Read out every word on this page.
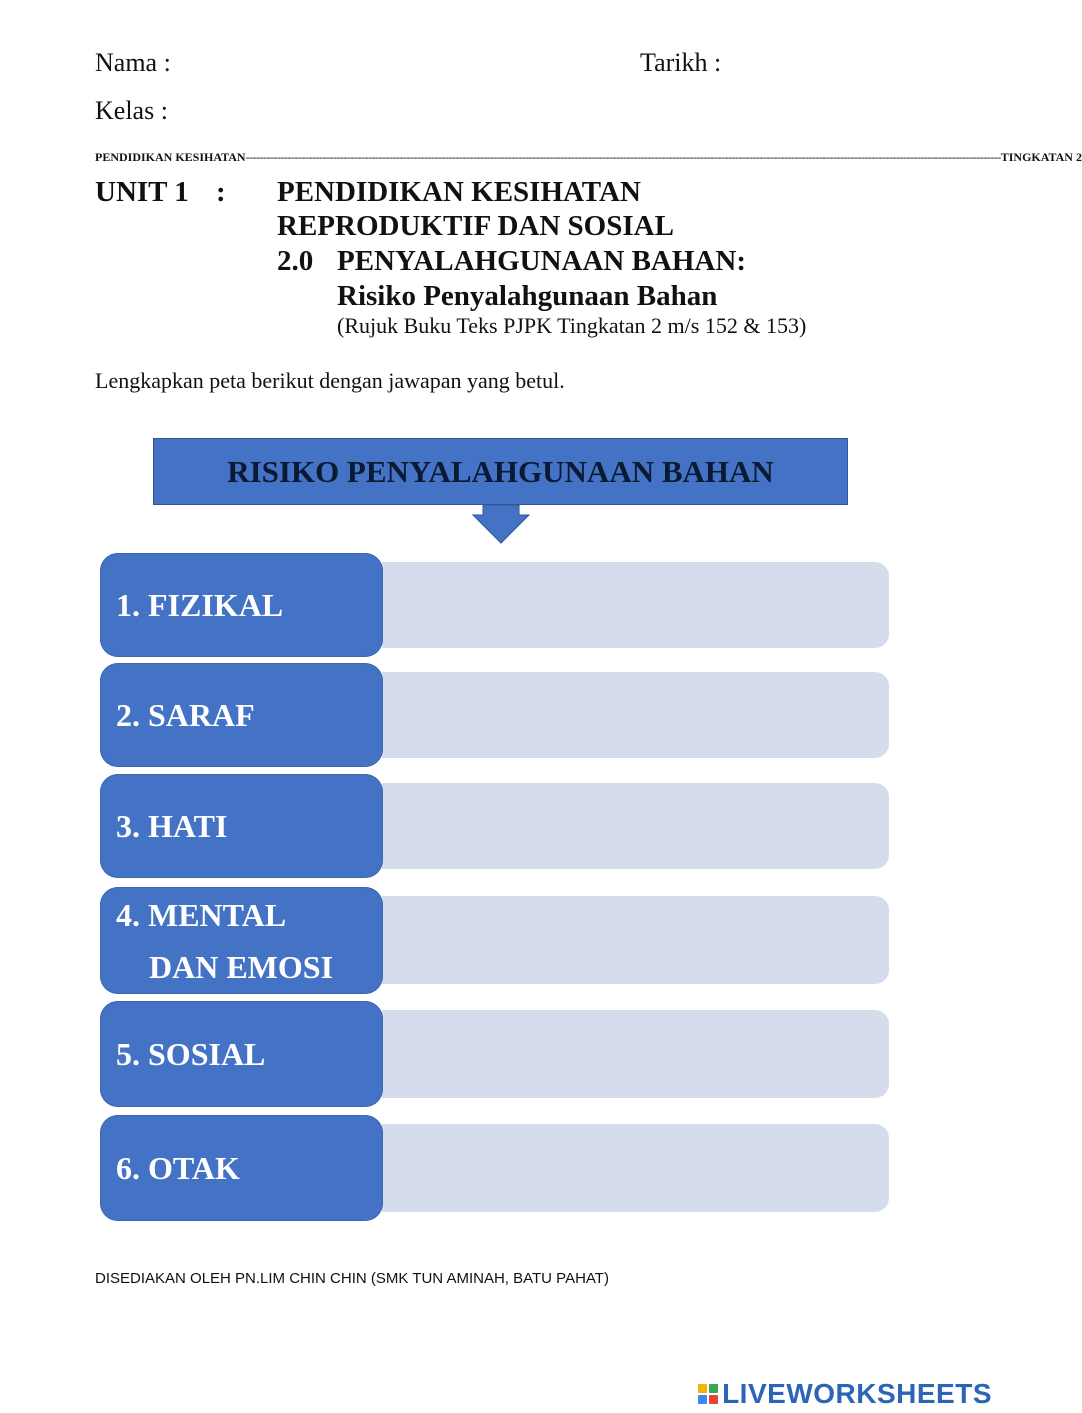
Nama :	Tarikh :
Kelas :
PENDIDIKAN KESIHATAN ------------------------------------------------------------------------------------------------------------------------------------------------------------------------------------------------------------------------ TINGKATAN 2
UNIT 1 : PENDIDIKAN KESIHATAN
REPRODUKTIF DAN SOSIAL
2.0 PENYALAHGUNAAN BAHAN:
Risiko Penyalahgunaan Bahan
(Rujuk Buku Teks PJPK Tingkatan 2 m/s 152 & 153)
Lengkapkan peta berikut dengan jawapan yang betul.
RISIKO PENYALAHGUNAAN BAHAN
1. FIZIKAL
2. SARAF
3. HATI
4. MENTAL
DAN EMOSI
5. SOSIAL
6. OTAK
DISEDIAKAN OLEH PN.LIM CHIN CHIN (SMK TUN AMINAH, BATU PAHAT)
LIVEWORKSHEETS
